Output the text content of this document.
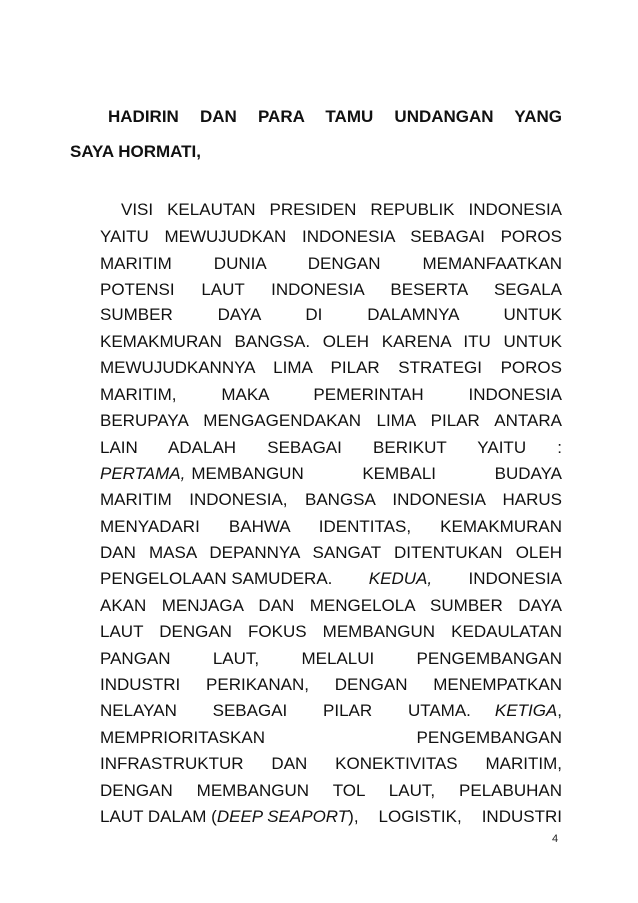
HADIRIN DAN PARA TAMU UNDANGAN YANG
SAYA HORMATI,
VISI KELAUTAN PRESIDEN REPUBLIK INDONESIA
YAITU MEWUJUDKAN INDONESIA SEBAGAI POROS
MARITIM DUNIA DENGAN MEMANFAATKAN
POTENSI LAUT INDONESIA BESERTA SEGALA
SUMBER DAYA DI DALAMNYA UNTUK
KEMAKMURAN BANGSA. OLEH KARENA ITU UNTUK
MEWUJUDKANNYA LIMA PILAR STRATEGI POROS
MARITIM, MAKA PEMERINTAH INDONESIA
BERUPAYA MENGAGENDAKAN LIMA PILAR ANTARA
LAIN ADALAH SEBAGAI BERIKUT YAITU :
PERTAMA, MEMBANGUN KEMBALI BUDAYA
MARITIM INDONESIA, BANGSA INDONESIA HARUS
MENYADARI BAHWA IDENTITAS, KEMAKMURAN
DAN MASA DEPANNYA SANGAT DITENTUKAN OLEH
PENGELOLAAN SAMUDERA. KEDUA, INDONESIA
AKAN MENJAGA DAN MENGELOLA SUMBER DAYA
LAUT DENGAN FOKUS MEMBANGUN KEDAULATAN
PANGAN LAUT, MELALUI PENGEMBANGAN
INDUSTRI PERIKANAN, DENGAN MENEMPATKAN
NELAYAN SEBAGAI PILAR UTAMA. KETIGA ,
MEMPRIORITASKAN PENGEMBANGAN
INFRASTRUKTUR DAN KONEKTIVITAS MARITIM,
DENGAN MEMBANGUN TOL LAUT, PELABUHAN
LAUT DALAM ( DEEP SEAPORT ), LOGISTIK, INDUSTRI
4
